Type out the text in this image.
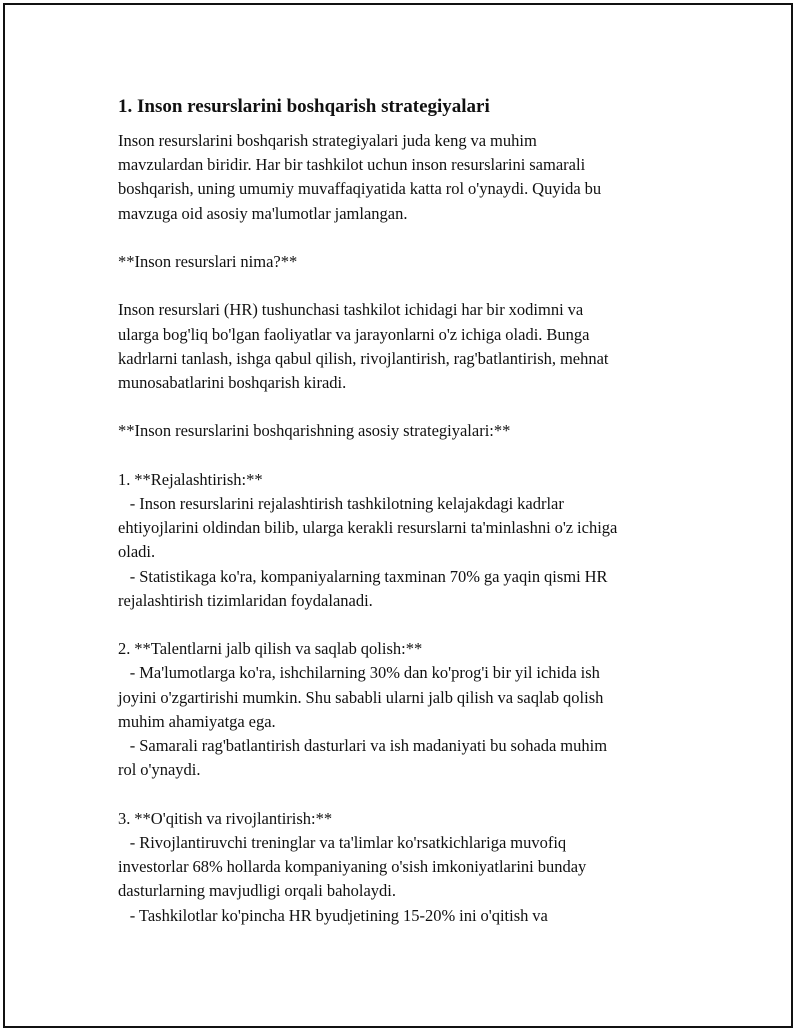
1. Inson resurslarini boshqarish strategiyalari

Inson resurslarini boshqarish strategiyalari juda keng va muhim
mavzulardan biridir. Har bir tashkilot uchun inson resurslarini samarali
boshqarish, uning umumiy muvaffaqiyatida katta rol o'ynaydi. Quyida bu
mavzuga oid asosiy ma'lumotlar jamlangan.

**Inson resurslari nima?**

Inson resurslari (HR) tushunchasi tashkilot ichidagi har bir xodimni va
ularga bog'liq bo'lgan faoliyatlar va jarayonlarni o'z ichiga oladi. Bunga
kadrlarni tanlash, ishga qabul qilish, rivojlantirish, rag'batlantirish, mehnat
munosabatlarini boshqarish kiradi.

**Inson resurslarini boshqarishning asosiy strategiyalari:**

1. **Rejalashtirish:**
- Inson resurslarini rejalashtirish tashkilotning kelajakdagi kadrlar
ehtiyojlarini oldindan bilib, ularga kerakli resurslarni ta'minlashni o'z ichiga
oladi.
- Statistikaga ko'ra, kompaniyalarning taxminan 70% ga yaqin qismi HR
rejalashtirish tizimlaridan foydalanadi.

2. **Talentlarni jalb qilish va saqlab qolish:**
- Ma'lumotlarga ko'ra, ishchilarning 30% dan ko'prog'i bir yil ichida ish
joyini o'zgartirishi mumkin. Shu sababli ularni jalb qilish va saqlab qolish
muhim ahamiyatga ega.
- Samarali rag'batlantirish dasturlari va ish madaniyati bu sohada muhim
rol o'ynaydi.

3. **O'qitish va rivojlantirish:**
- Rivojlantiruvchi treninglar va ta'limlar ko'rsatkichlariga muvofiq
investorlar 68% hollarda kompaniyaning o'sish imkoniyatlarini bunday
dasturlarning mavjudligi orqali baholaydi.
- Tashkilotlar ko'pincha HR byudjetining 15-20% ini o'qitish va
